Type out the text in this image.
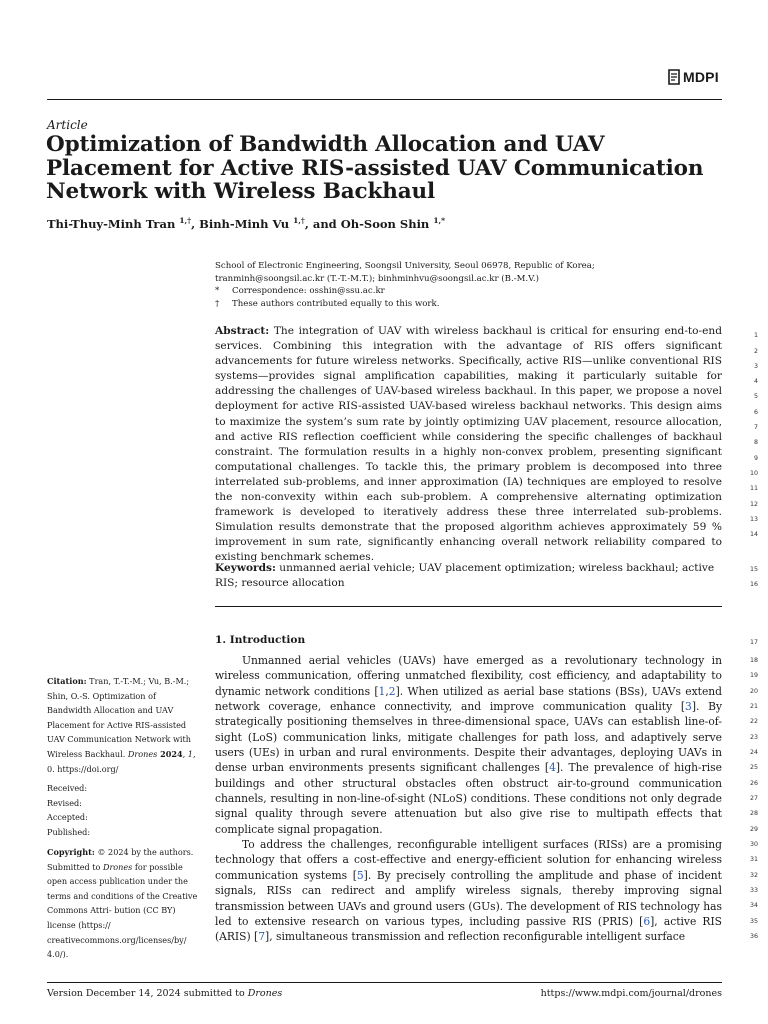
MDPI
Article
Optimization of Bandwidth Allocation and UAV Placement for Active RIS-assisted UAV Communication Network with Wireless Backhaul
Thi-Thuy-Minh Tran $^{1,\dagger}$, Binh-Minh Vu $^{1,\dagger}$, and Oh-Soon Shin $^{1,*}$
School of Electronic Engineering, Soongsil University, Seoul 06978, Republic of Korea;
tranminh@soongsil.ac.kr (T.-T.-M.T.); binhminhvu@soongsil.ac.kr (B.-M.V.)
* Correspondence: osshin@ssu.ac.kr
† These authors contributed equally to this work.
Abstract: The integration of UAV with wireless backhaul is critical for ensuring end-to-end services. Combining this integration with the advantage of RIS offers significant advancements for future wireless networks. Specifically, active RIS—unlike conventional RIS systems—provides signal amplification capabilities, making it particularly suitable for addressing the challenges of UAV-based wireless backhaul. In this paper, we propose a novel deployment for active RIS-assisted UAV-based wireless backhaul networks. This design aims to maximize the system’s sum rate by jointly optimizing UAV placement, resource allocation, and active RIS reflection coefficient while considering the specific challenges of backhaul constraint. The formulation results in a highly non-convex problem, presenting significant computational challenges. To tackle this, the primary problem is decomposed into three interrelated sub-problems, and inner approximation (IA) techniques are employed to resolve the non-convexity within each sub-problem. A comprehensive alternating optimization framework is developed to iteratively address these three interrelated sub-problems. Simulation results demonstrate that the proposed algorithm achieves approximately 59 % improvement in sum rate, significantly enhancing overall network reliability compared to existing benchmark schemes.
Keywords: unmanned aerial vehicle; UAV placement optimization; wireless backhaul; active RIS; resource allocation
1. Introduction

Unmanned aerial vehicles (UAVs) have emerged as a revolutionary technology in wireless communication, offering unmatched flexibility, cost efficiency, and adaptability to dynamic network conditions [1,2]. When utilized as aerial base stations (BSs), UAVs extend network coverage, enhance connectivity, and improve communication quality [3]. By strategically positioning themselves in three-dimensional space, UAVs can establish line-of-sight (LoS) communication links, mitigate challenges for path loss, and adaptively serve users (UEs) in urban and rural environments. Despite their advantages, deploying UAVs in dense urban environments presents significant challenges [4]. The prevalence of high-rise buildings and other structural obstacles often obstruct air-to-ground communication channels, resulting in non-line-of-sight (NLoS) conditions. These conditions not only degrade signal quality through severe attenuation but also give rise to multipath effects that complicate signal propagation.

To address the challenges, reconfigurable intelligent surfaces (RISs) are a promising technology that offers a cost-effective and energy-efficient solution for enhancing wireless communication systems [5]. By precisely controlling the amplitude and phase of incident signals, RISs can redirect and amplify wireless signals, thereby improving signal transmission between UAVs and ground users (GUs). The development of RIS technology has led to extensive research on various types, including passive RIS (PRIS) [6], active RIS (ARIS) [7], simultaneous transmission and reflection reconfigurable intelligent surface

1
2
3
4
5
6
7
8
9
10
11
12
13
14
15
16
17
18
19
20
21
22
23
24
25
26
27
28
29
30
31
32
33
34
35
36
Citation: Tran, T.-T.-M.; Vu, B.-M.; Shin, O.-S. Optimization of Bandwidth Allocation and UAV Placement for Active RIS-assisted UAV Communication Network with Wireless Backhaul. Drones 2024, 1, 0. https://doi.org/
Received:
Revised:
Accepted:
Published:
Copyright: © 2024 by the authors. Submitted to Drones for possible open access publication under the terms and conditions of the Creative Commons Attri- bution (CC BY) license (https:// creativecommons.org/licenses/by/ 4.0/).
Version December 14, 2024 submitted to Drones	https://www.mdpi.com/journal/drones
